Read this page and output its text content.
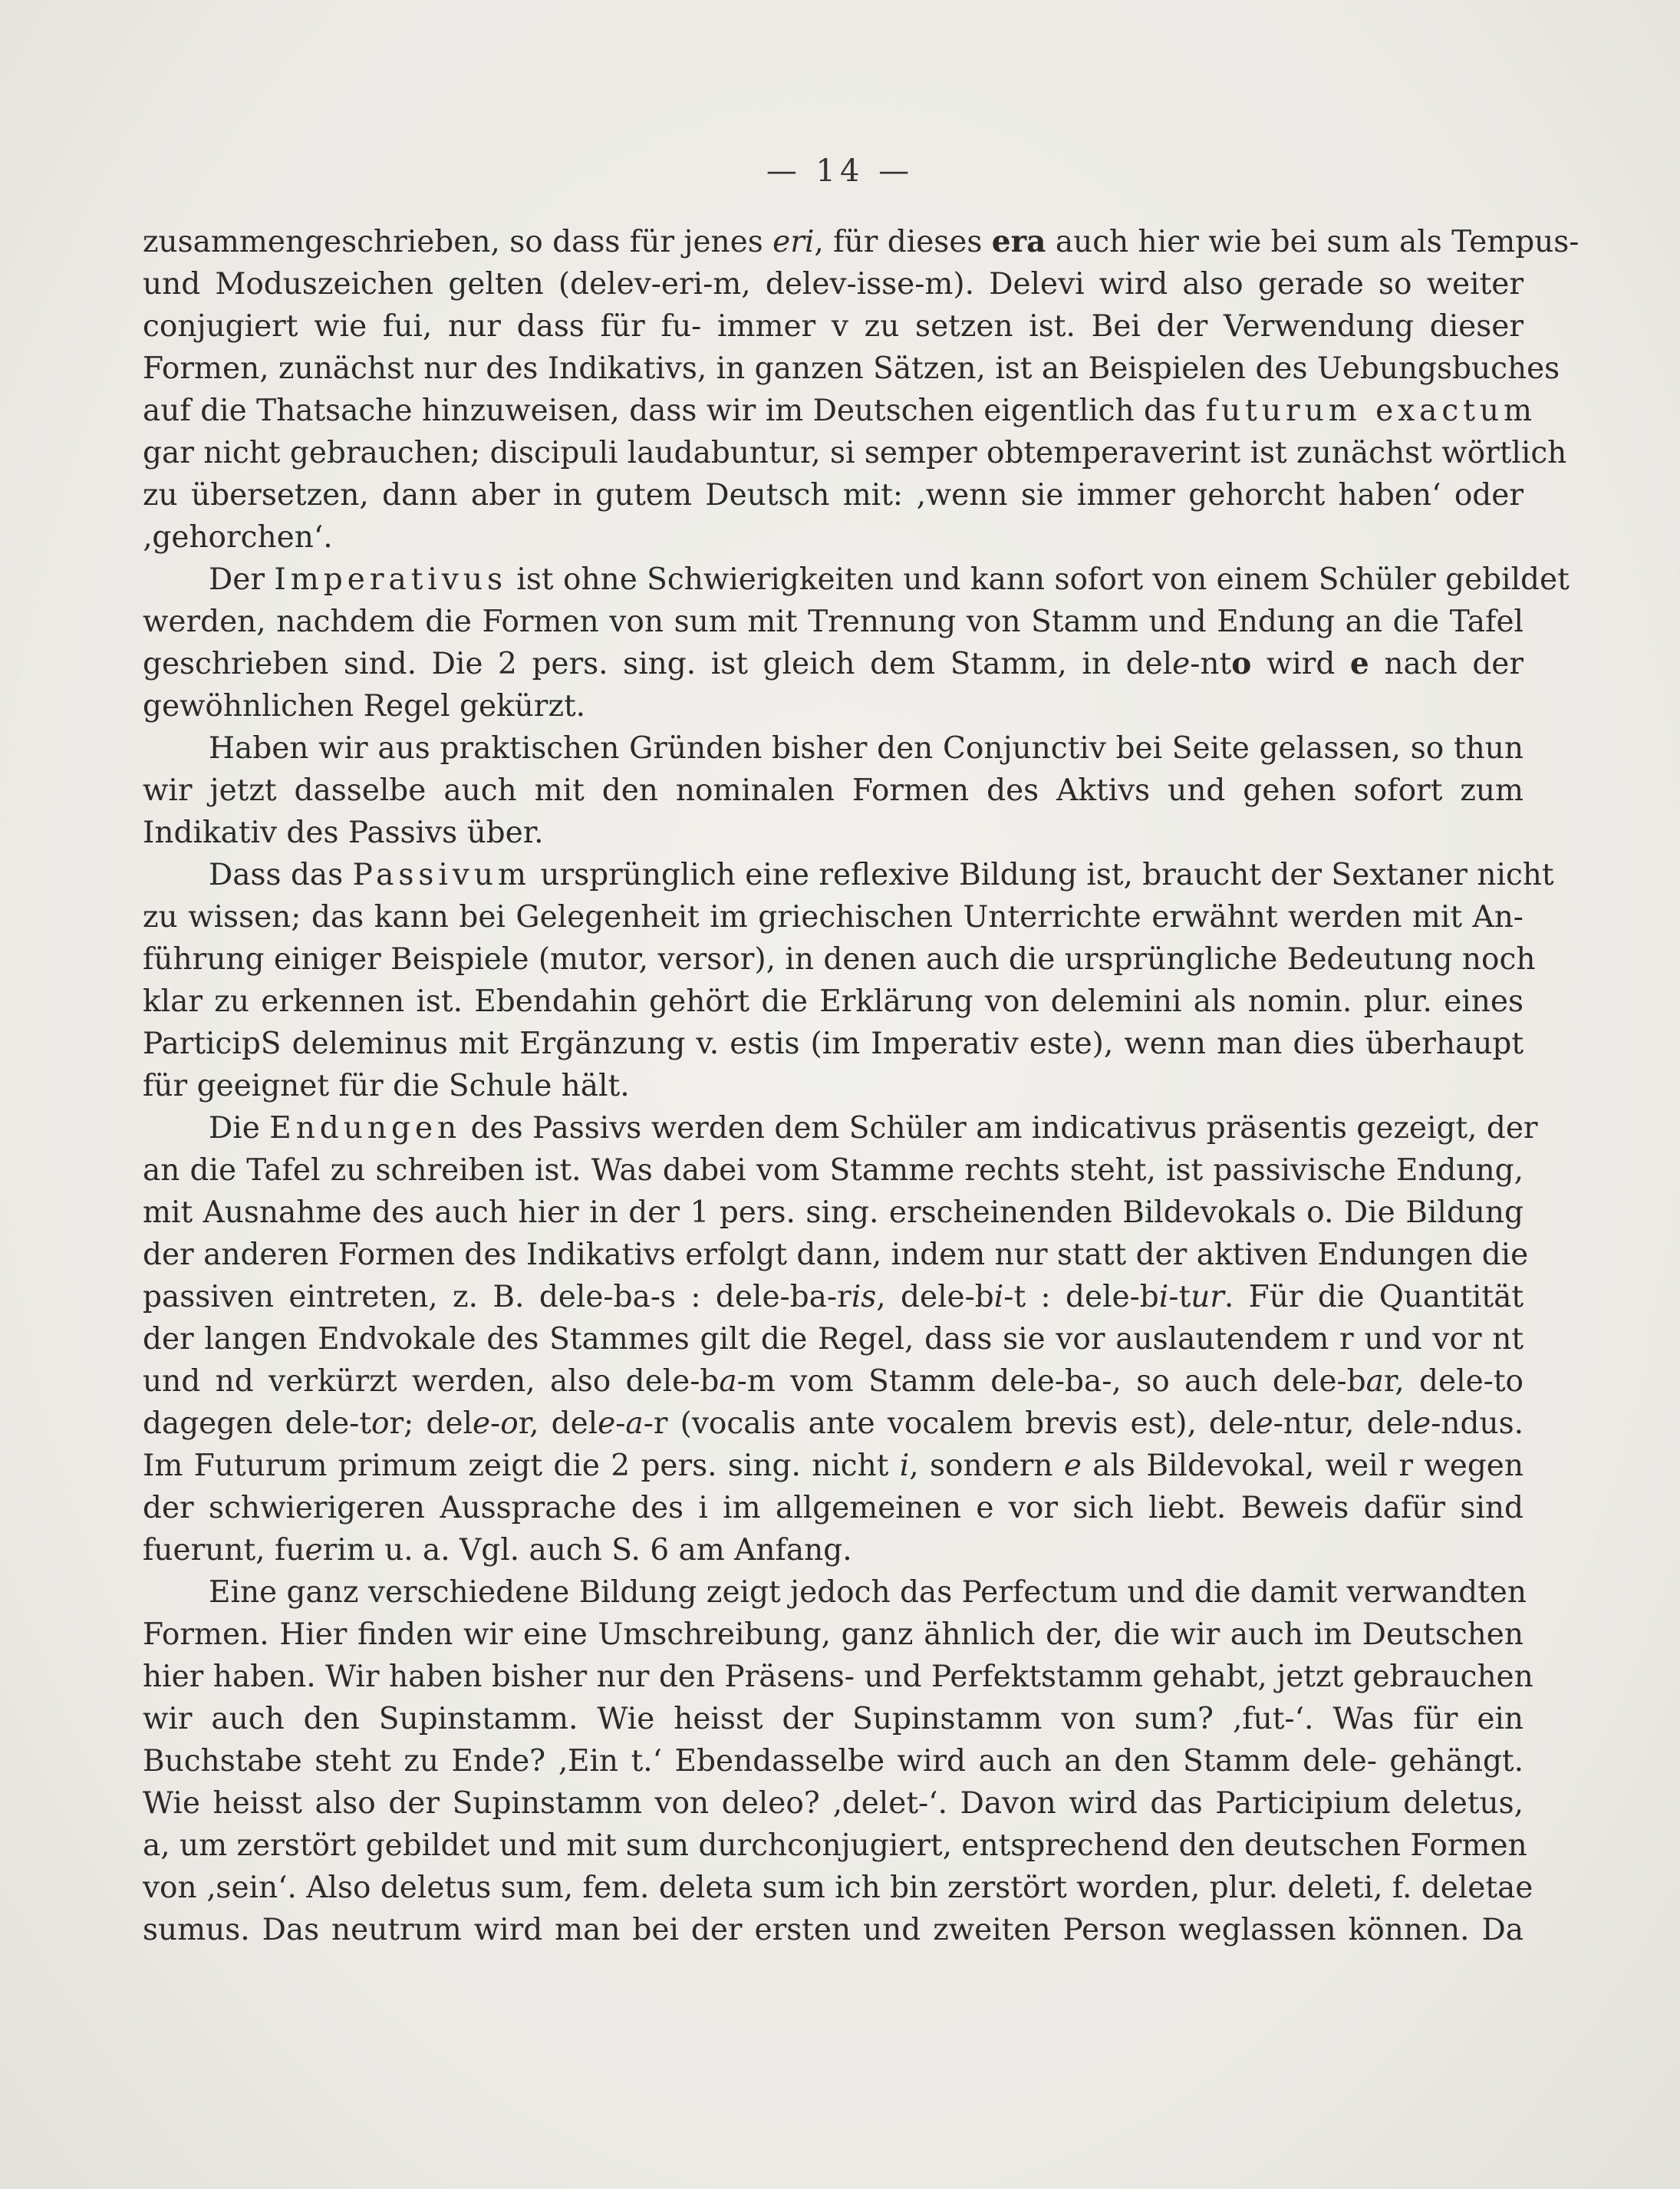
— 14 —
zusammengeschrieben, so dass für jenes eri, für dieses era auch hier wie bei sum als Tempus-
und Moduszeichen gelten (delev-eri-m, delev-isse-m). Delevi wird also gerade so weiter
conjugiert wie fui, nur dass für fu- immer v zu setzen ist. Bei der Verwendung dieser
Formen, zunächst nur des Indikativs, in ganzen Sätzen, ist an Beispielen des Uebungsbuches
auf die Thatsache hinzuweisen, dass wir im Deutschen eigentlich das futurum exactum
gar nicht gebrauchen; discipuli laudabuntur, si semper obtemperaverint ist zunächst wörtlich
zu übersetzen, dann aber in gutem Deutsch mit: ‚wenn sie immer gehorcht haben‘ oder
‚gehorchen‘.
Der Imperativus ist ohne Schwierigkeiten und kann sofort von einem Schüler gebildet
werden, nachdem die Formen von sum mit Trennung von Stamm und Endung an die Tafel
geschrieben sind. Die 2 pers. sing. ist gleich dem Stamm, in dele-nto wird e nach der
gewöhnlichen Regel gekürzt.
Haben wir aus praktischen Gründen bisher den Conjunctiv bei Seite gelassen, so thun
wir jetzt dasselbe auch mit den nominalen Formen des Aktivs und gehen sofort zum
Indikativ des Passivs über.
Dass das Passivum ursprünglich eine reflexive Bildung ist, braucht der Sextaner nicht
zu wissen; das kann bei Gelegenheit im griechischen Unterrichte erwähnt werden mit An-
führung einiger Beispiele (mutor, versor), in denen auch die ursprüngliche Bedeutung noch
klar zu erkennen ist. Ebendahin gehört die Erklärung von delemini als nomin. plur. eines
ParticipS deleminus mit Ergänzung v. estis (im Imperativ este), wenn man dies überhaupt
für geeignet für die Schule hält.
Die Endungen des Passivs werden dem Schüler am indicativus präsentis gezeigt, der
an die Tafel zu schreiben ist. Was dabei vom Stamme rechts steht, ist passivische Endung,
mit Ausnahme des auch hier in der 1 pers. sing. erscheinenden Bildevokals o. Die Bildung
der anderen Formen des Indikativs erfolgt dann, indem nur statt der aktiven Endungen die
passiven eintreten, z. B. dele-ba-s : dele-ba-ris, dele-bi-t : dele-bi-tur. Für die Quantität
der langen Endvokale des Stammes gilt die Regel, dass sie vor auslautendem r und vor nt
und nd verkürzt werden, also dele-ba-m vom Stamm dele-ba-, so auch dele-bar, dele-to
dagegen dele-tor; dele-or, dele-a-r (vocalis ante vocalem brevis est), dele-ntur, dele-ndus.
Im Futurum primum zeigt die 2 pers. sing. nicht i, sondern e als Bildevokal, weil r wegen
der schwierigeren Aussprache des i im allgemeinen e vor sich liebt. Beweis dafür sind
fuerunt, fuerim u. a. Vgl. auch S. 6 am Anfang.
Eine ganz verschiedene Bildung zeigt jedoch das Perfectum und die damit verwandten
Formen. Hier finden wir eine Umschreibung, ganz ähnlich der, die wir auch im Deutschen
hier haben. Wir haben bisher nur den Präsens- und Perfektstamm gehabt, jetzt gebrauchen
wir auch den Supinstamm. Wie heisst der Supinstamm von sum? ‚fut-‘. Was für ein
Buchstabe steht zu Ende? ‚Ein t.‘ Ebendasselbe wird auch an den Stamm dele- gehängt.
Wie heisst also der Supinstamm von deleo? ‚delet-‘. Davon wird das Participium deletus,
a, um zerstört gebildet und mit sum durchconjugiert, entsprechend den deutschen Formen
von ‚sein‘. Also deletus sum, fem. deleta sum ich bin zerstört worden, plur. deleti, f. deletae
sumus. Das neutrum wird man bei der ersten und zweiten Person weglassen können. Da
